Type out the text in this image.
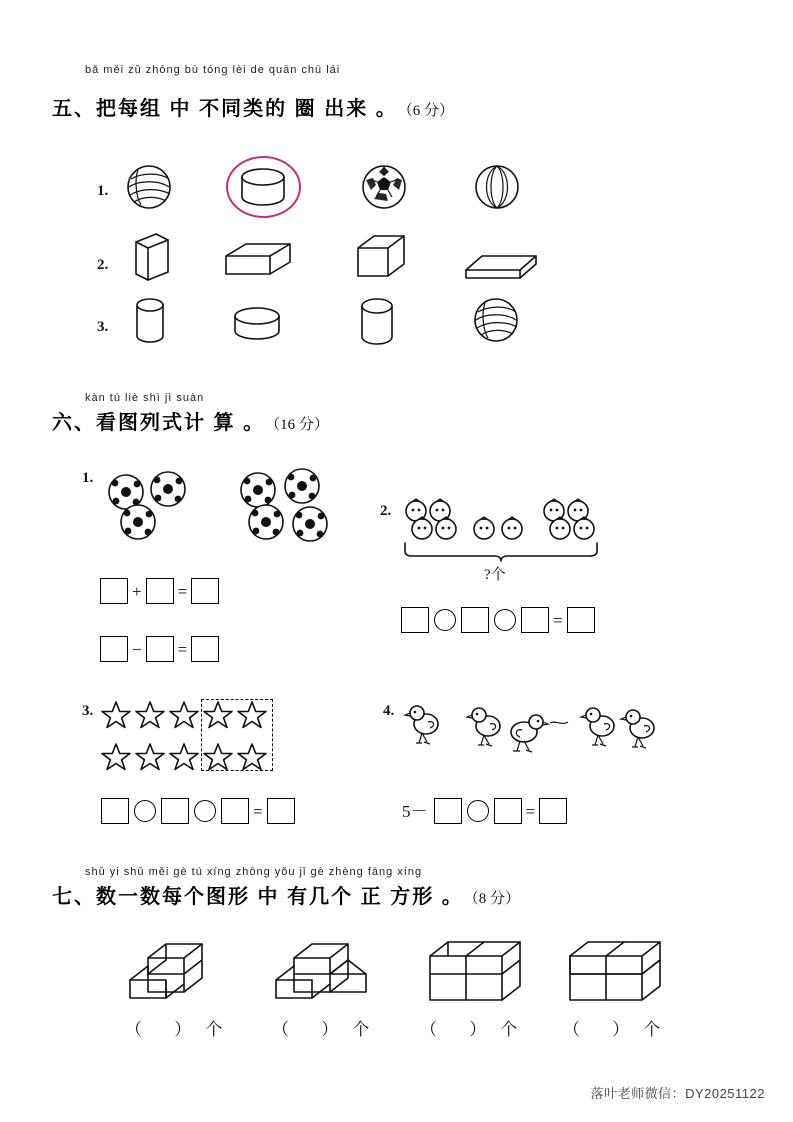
bǎ měi zǔ zhōng bù tóng lèi de quān chū lái
五、把每组 中 不同类的 圈 出来 。 （6 分）
1.
2.
3.
kàn tú liè shì jì suàn
六、看图列式计 算 。 （16 分）
1.
+ =
− =
2.
?个
=
3.
=
4.
5－	=
shǔ yi shǔ měi gè tú xíng zhōng yǒu jǐ gè zhèng fāng xíng
七、数一数每个图形 中 有几个 正 方形 。 （8 分）
（ ）个 （ ）个 （ ）个 （ ）个
落叶老师微信：DY20251122
